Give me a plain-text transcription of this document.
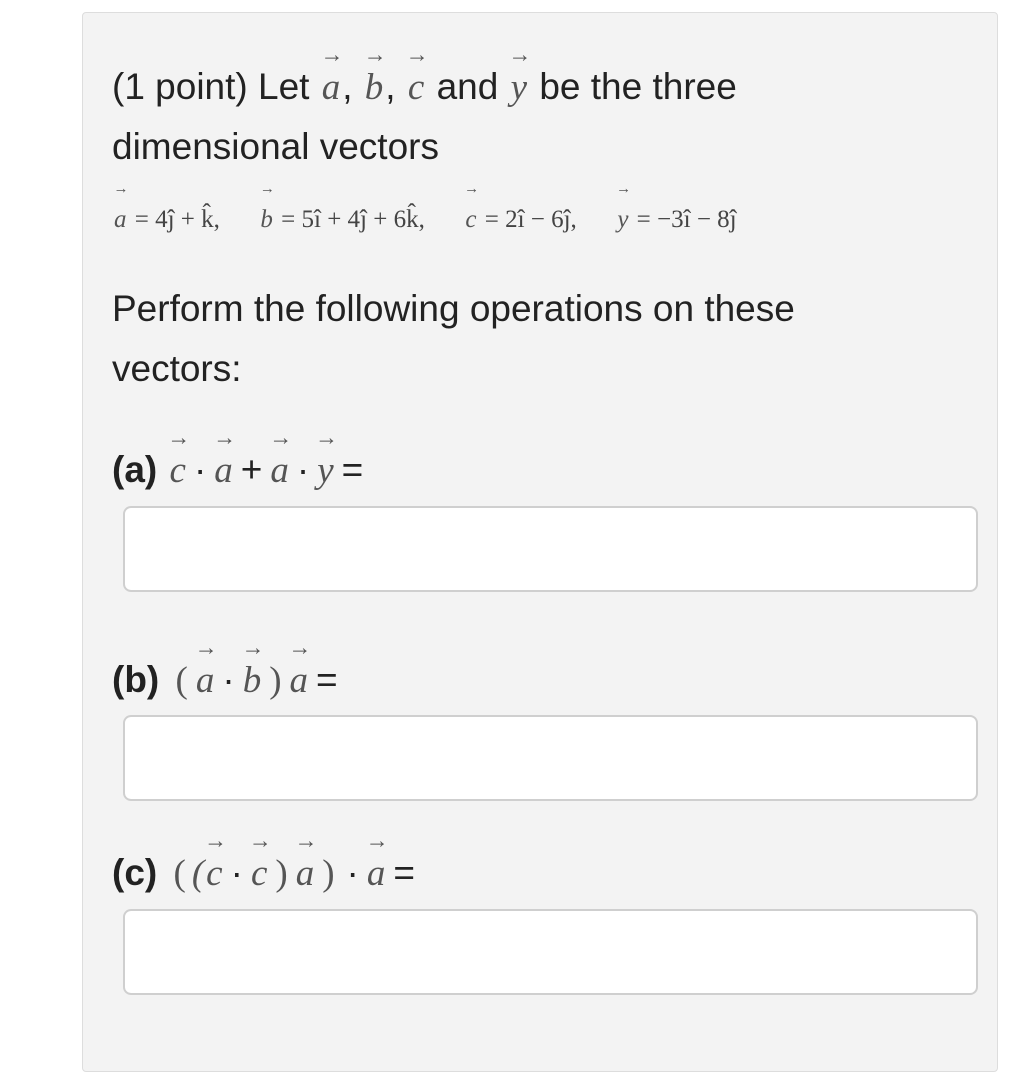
(1 point) Let → a, → b, → c and → y be the three
dimensional vectors
→ a = 4ĵ + k̂, → b = 5î + 4ĵ + 6k̂, → c = 2î − 6ĵ, → y = −3î − 8ĵ
Perform the following operations on these
vectors:
(a) → c · → a + → a · → y =
(b) ( → a · → b ) → a =
(c) ( (→ c · → c ) → a ) · → a =
